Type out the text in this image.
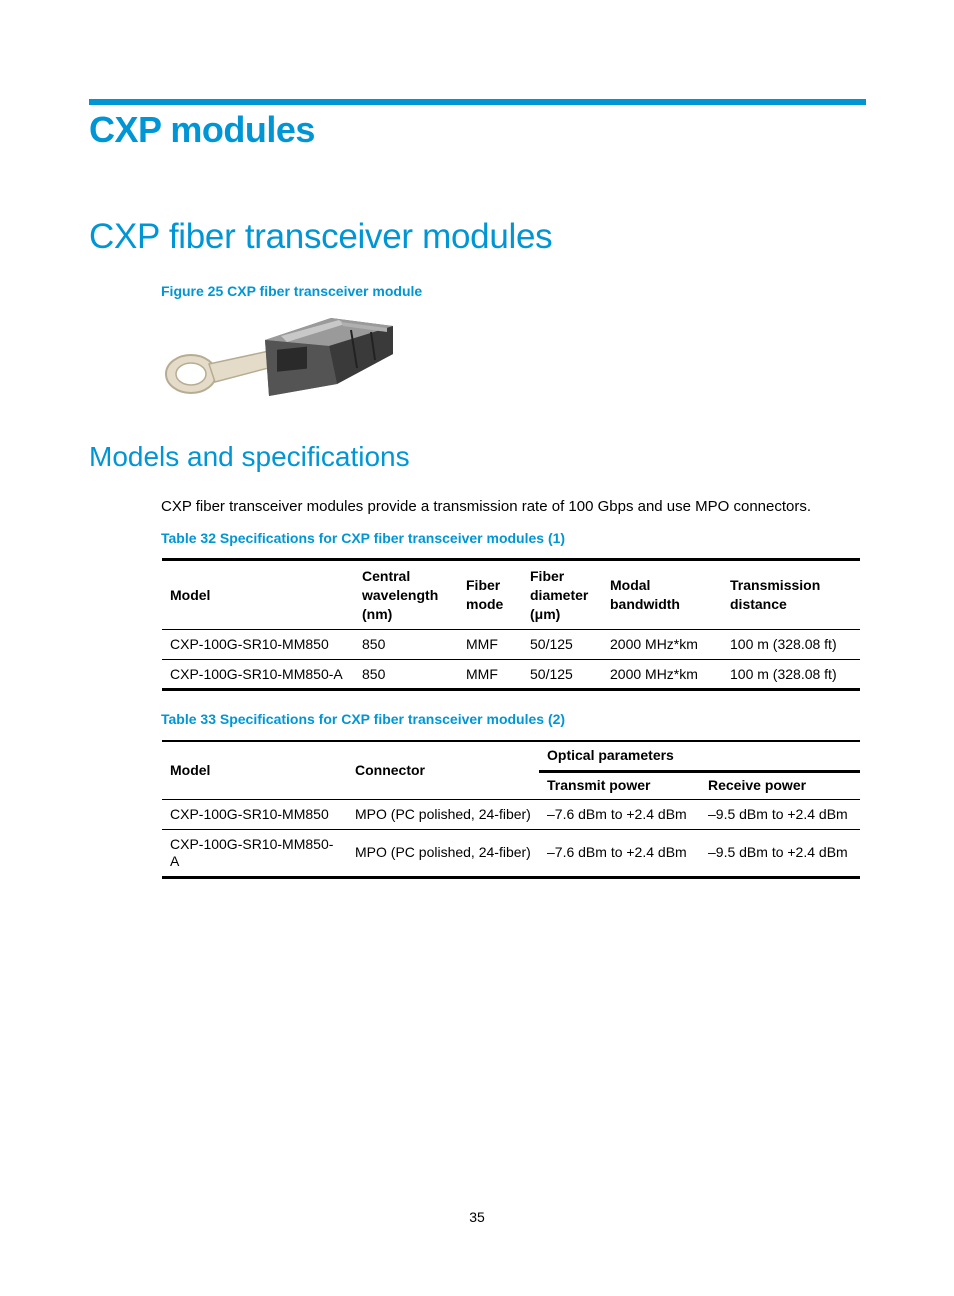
CXP modules
CXP fiber transceiver modules

Figure 25 CXP fiber transceiver module

Models and specifications

CXP fiber transceiver modules provide a transmission rate of 100 Gbps and use MPO connectors.

Table 32 Specifications for CXP fiber transceiver modules (1)

Model	Central wavelength (nm)	Fiber mode	Fiber diameter (μm)	Modal bandwidth	Transmission distance
CXP-100G-SR10-MM850	850	MMF	50/125	2000 MHz*km	100 m (328.08 ft)
CXP-100G-SR10-MM850-A	850	MMF	50/125	2000 MHz*km	100 m (328.08 ft)

Table 33 Specifications for CXP fiber transceiver modules (2)

Model	Connector	Optical parameters	
		Transmit power	Receive power
CXP-100G-SR10-MM850	MPO (PC polished, 24-fiber)	–7.6 dBm to +2.4 dBm	–9.5 dBm to +2.4 dBm
CXP-100G-SR10-MM850-A	MPO (PC polished, 24-fiber)	–7.6 dBm to +2.4 dBm	–9.5 dBm to +2.4 dBm

35
